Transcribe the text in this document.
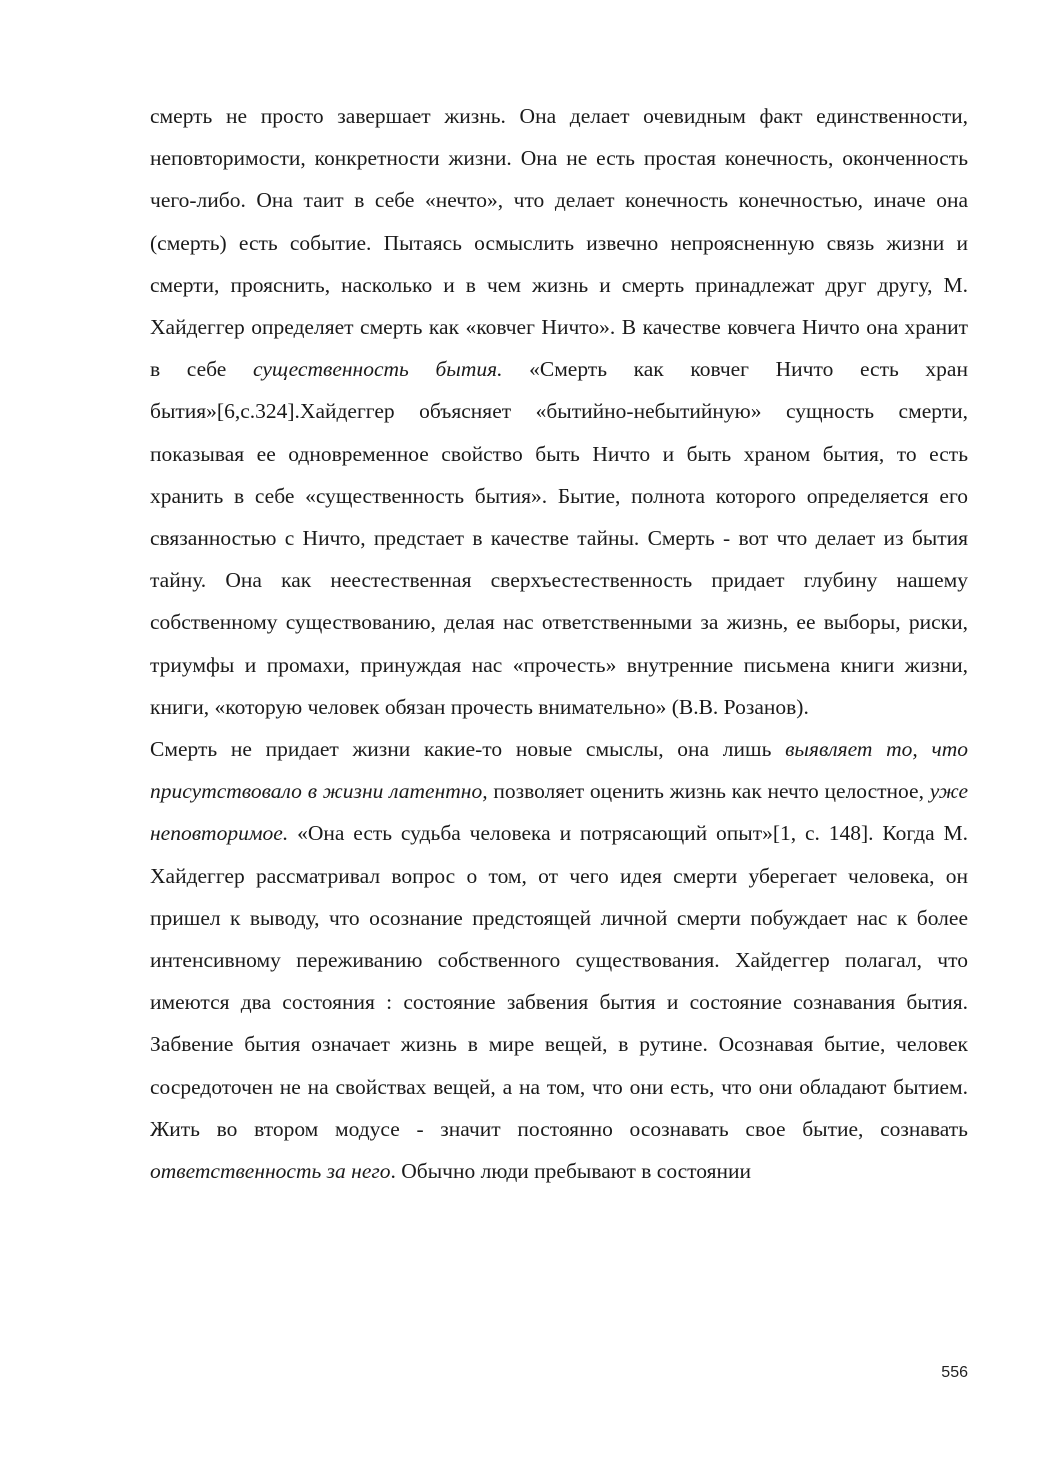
смерть не просто завершает жизнь. Она делает очевидным факт единственности, неповторимости, конкретности жизни. Она не есть простая конечность, оконченность чего-либо. Она таит в себе «нечто», что делает конечность конечностью, иначе она (смерть) есть событие. Пытаясь осмыслить извечно непроясненную связь жизни и смерти, прояснить, насколько и в чем жизнь и смерть принадлежат друг другу, М. Хайдеггер определяет смерть как «ковчег Ничто». В качестве ковчега Ничто она хранит в себе существенность бытия. «Смерть как ковчег Ничто есть хран бытия»[6,с.324].Хайдеггер объясняет «бытийно-небытийную» сущность смерти, показывая ее одновременное свойство быть Ничто и быть храном бытия, то есть хранить в себе «существенность бытия». Бытие, полнота которого определяется его связанностью с Ничто, предстает в качестве тайны. Смерть - вот что делает из бытия тайну. Она как неестественная сверхъестественность придает глубину нашему собственному существованию, делая нас ответственными за жизнь, ее выборы, риски, триумфы и промахи, принуждая нас «прочесть» внутренние письмена книги жизни, книги, «которую человек обязан прочесть внимательно» (В.В. Розанов).

Смерть не придает жизни какие-то новые смыслы, она лишь выявляет то, что присутствовало в жизни латентно, позволяет оценить жизнь как нечто целостное, уже неповторимое. «Она есть судьба человека и потрясающий опыт»[1, с. 148]. Когда М. Хайдеггер рассматривал вопрос о том, от чего идея смерти уберегает человека, он пришел к выводу, что осознание предстоящей личной смерти побуждает нас к более интенсивному переживанию собственного существования. Хайдеггер полагал, что имеются два состояния : состояние забвения бытия и состояние сознавания бытия. Забвение бытия означает жизнь в мире вещей, в рутине. Осознавая бытие, человек сосредоточен не на свойствах вещей, а на том, что они есть, что они обладают бытием. Жить во втором модусе - значит постоянно осознавать свое бытие, сознавать ответственность за него. Обычно люди пребывают в состоянии

556
